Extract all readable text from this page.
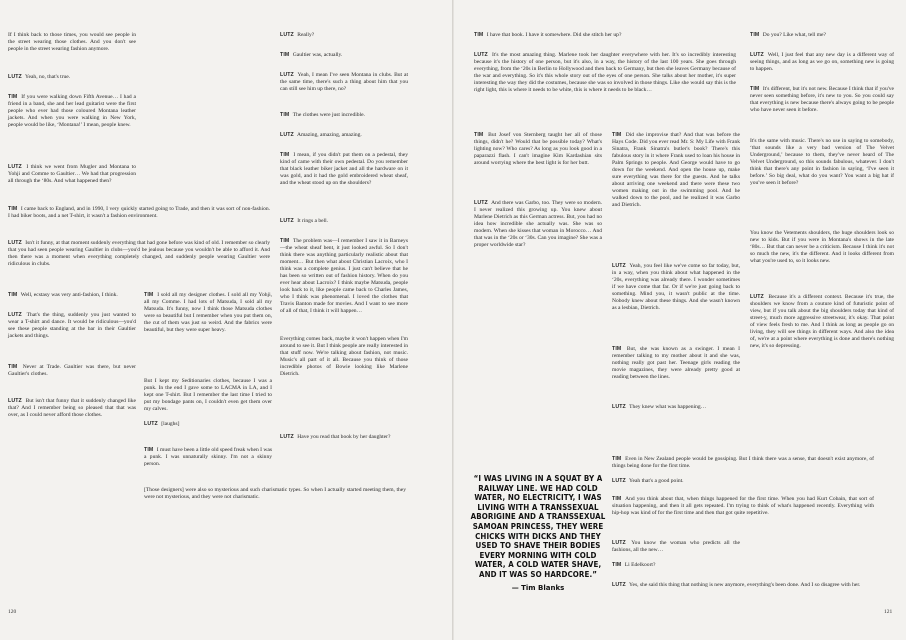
If I think back to those times, you would see people in the street wearing those clothes. And you don't see people in the street wearing fashion anymore.

LUTZ Yeah, no, that's true.

TIM If you were walking down Fifth Avenue… I had a friend in a band, she and her lead guitarist were the first people who ever had those coloured Montana leather jackets. And when you were walking in New York, people would be like, ‘Montana!’ I mean, people knew.

LUTZ I think we went from Mugler and Montana to Yohji and Comme to Gaultier… We had that progression all through the ‘80s. And what happened then?

TIM I came back to England, and in 1990, I very quickly started going to Trade, and then it was sort of non-fashion. I had biker boots, and a net T-shirt, it wasn't a fashion environment.

LUTZ Isn't it funny, at that moment suddenly everything that had gone before was kind of old. I remember so clearly that you had seen people wearing Gaultier in clubs—you'd be jealous because you wouldn't be able to afford it. And then there was a moment when everything completely changed, and suddenly people wearing Gaultier were ridiculous in clubs.

TIM Well, ecstasy was very anti-fashion, I think.

LUTZ That's the thing, suddenly you just wanted to wear a T-shirt and dance. It would be ridiculous—you'd see these people standing at the bar in their Gaultier jackets and things.

TIM Never at Trade. Gaultier was there, but never Gaultier's clothes.

LUTZ But isn't that funny that it suddenly changed like that? And I remember being so pleased that that was over, as I could never afford those clothes.

TIM I sold all my designer clothes. I sold all my Yohji, all my Comme. I had lots of Matsuda, I sold all my Matsuda. It's funny, now I think those Matsuda clothes were so beautiful but I remember when you put them on, the cut of them was just so weird. And the fabrics were beautiful, but they were super heavy.

But I kept my Seditionaries clothes, because I was a punk. In the end I gave some to LACMA in LA, and I kept one T-shirt. But I remember the last time I tried to put my bondage pants on, I couldn't even get them over my calves.

LUTZ [laughs]

TIM I must have been a little old speed freak when I was a punk. I was unnaturally skinny. I'm not a skinny person.

[Those designers] were also so mysterious and such charismatic types. So when I actually started meeting them, they were not mysterious, and they were not charismatic.

LUTZ Really?

TIM Gaultier was, actually.

LUTZ Yeah, I mean I've seen Montana in clubs. But at the same time, there's such a thing about him that you can still see him up there, no?

TIM The clothes were just incredible.

LUTZ Amazing, amazing, amazing.

TIM I mean, if you didn't put them on a pedestal, they kind of came with their own pedestal. Do you remember that black leather biker jacket and all the hardware on it was gold, and it had the gold embroidered wheat sheaf, and the wheat stood up on the shoulders?

LUTZ It rings a bell.

TIM The problem was—I remember I saw it in Barneys—the wheat sheaf bent, it just looked awful. So I don't think there was anything particularly realistic about that moment… But then what about Christian Lacroix, who I think was a complete genius. I just can't believe that he has been so written out of fashion history. When do you ever hear about Lacroix? I think maybe Matsuda, people look back to it, like people came back to Charles James, who I think was phenomenal. I loved the clothes that Travis Banton made for movies. And I want to see more of all of that, I think it will happen…

Everything comes back, maybe it won't happen when I'm around to see it. But I think people are really interested in that stuff now. We're talking about fashion, not music. Music's all part of it all. Because you think of those incredible photos of Bowie looking like Marlene Dietrich.

LUTZ Have you read that book by her daughter?

TIM I have that book. I have it somewhere. Did she stitch her up?

LUTZ It's the most amazing thing. Marlene took her daughter everywhere with her. It's so incredibly interesting because it's the history of one person, but it's also, in a way, the history of the last 100 years. She goes through everything, from the ‘20s in Berlin to Hollywood and then back to Germany, but then she leaves Germany because of the war and everything. So it's this whole story out of the eyes of one person. She talks about her mother, it's super interesting the way they did the costumes, because she was so involved in those things. Like she would say this is the right light, this is where it needs to be white, this is where it needs to be black…

TIM But Josef von Sternberg taught her all of those things, didn't he? Would that be possible today? What's lighting now? Who cares? As long as you look good in a paparazzi flash. I can't imagine Kim Kardashian sits around worrying where the best light is for her butt.

LUTZ And there was Garbo, too. They were so modern. I never realized this growing up. You knew about Marlene Dietrich as this German actress. But, you had no idea how incredible she actually was. She was so modern. When she kisses that woman in Morocco… And that was in the ‘20s or ‘30s. Can you imagine? She was a proper worldwide star?

TIM Did she improvise that? And that was before the Hays Code. Did you ever read Mr. S: My Life with Frank Sinatra, Frank Sinatra's butler's book? There's this fabulous story in it where Frank used to loan his house in Palm Springs to people. And George would have to go down for the weekend. And open the house up, make sure everything was there for the guests. And he talks about arriving one weekend and there were these two women making out in the swimming pool. And he walked down to the pool, and he realized it was Garbo and Dietrich.

LUTZ Yeah, you feel like we've come so far today, but, in a way, when you think about what happened in the ‘20s, everything was already there. I wonder sometimes if we have come that far. Or if we're just going back to something. Mind you, it wasn't public at the time. Nobody knew about these things. And she wasn't known as a lesbian, Dietrich.

TIM But, she was known as a swinger. I mean I remember talking to my mother about it and she was, nothing really got past her. Teenage girls reading the movie magazines, they were already pretty good at reading between the lines.

LUTZ They knew what was happening…

TIM Even in New Zealand people would be gossiping. But I think there was a sense, that doesn't exist anymore, of things being done for the first time.

LUTZ Yeah that's a good point.

TIM And you think about that, when things happened for the first time. When you had Kurt Cobain, that sort of situation happening, and then it all gets repeated. I'm trying to think of what's happened recently. Everything with hip-hop was kind of for the first time and then that got quite repetitive.

LUTZ You know the woman who predicts all the fashions, all the new…

TIM Li Edelkoort?

LUTZ Yes, she said this thing that nothing is new anymore, everything's been done. And I so disagree with her.

TIM Do you? Like what, tell me?

LUTZ Well, I just feel that any new day is a different way of seeing things, and as long as we go on, something new is going to happen.

TIM It's different, but it's not new. Because I think that if you've never seen something before, it's new to you. So you could say that everything is new because there's always going to be people who have never seen it before.

It's the same with music. There's no use in saying to somebody, ‘that sounds like a very bad version of The Velvet Underground,’ because to them, they've never heard of The Velvet Underground, so this sounds fabulous, whatever. I don't think that there's any point in fashion in saying, ‘I've seen it before.’ So big deal, what do you want? You want a big hat if you've seen it before?

You know the Vetements shoulders, the huge shoulders look so new to kids. But if you were in Montana's shows in the late ‘80s… But that can never be a criticism. Because I think it's not so much the new, it's the different. And it looks different from what you're used to, so it looks new.

LUTZ Because it's a different context. Because it's true, the shoulders we know from a couture kind of futuristic point of view, but if you talk about the big shoulders today that kind of street-y, much more aggressive streetwear, it's okay. That point of view feels fresh to me. And I think as long as people go on living, they will see things in different ways. And also the idea of, we're at a point where everything is done and there's nothing new, it's so depressing.

“I WAS LIVING IN A SQUAT BY A RAILWAY LINE. WE HAD COLD WATER, NO ELECTRICITY, I WAS LIVING WITH A TRANSSEXUAL ABORIGINE AND A TRANSSEXUAL SAMOAN PRINCESS, THEY WERE CHICKS WITH DICKS AND THEY USED TO SHAVE THEIR BODIES EVERY MORNING WITH COLD WATER, A COLD WATER SHAVE, AND IT WAS SO HARDCORE.”
— Tim Blanks
120	121
